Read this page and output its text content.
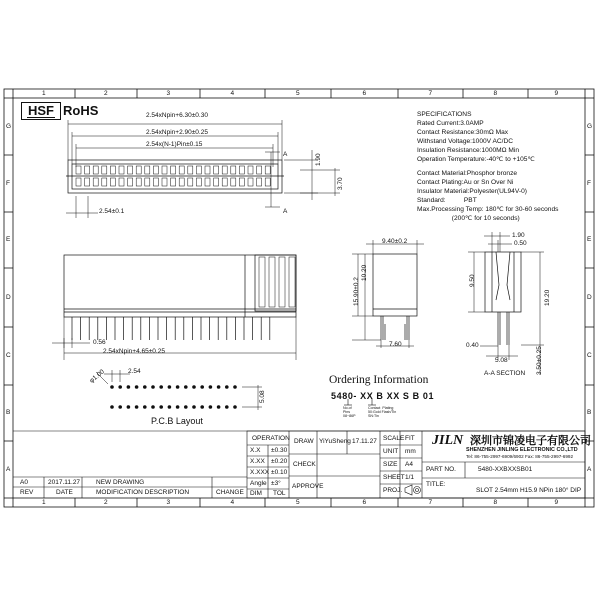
1
1
2
2
3
3
4
4
5
5
6
6
7
7
8
8
9
9
G	G
F	F
E	E
D	D
C	C
B	B
A	A
HSF RoHS	2.54xNpin+6.30±0.30
2.54xNpin+2.90±0.25
2.54x(N-1)Pin±0.15
1.90
3.70
2.54±0.1
A
A
2.54xNpin+4.65±0.25
0.56
9.40±0.2
10.20
15.90±0.2
7.60
1.90
0.50
9.50
19.20
0.40
5.08	3.50±0.25
A-A SECTION
φ1.00	2.54
5.08
P.C.B Layout
SPECIFICATIONS
Rated Current:3.0AMP
Contact Resistance:30mΩ Max
Withstand Voltage:1000V AC/DC
Insulation Resistance:1000MΩ Min
Operation Temperature:-40℃ to +105℃
Contact Material:Phosphor bronze
Contact Plating:Au or Sn Over Ni
Insulator Material:Polyester(UL94V-0)
Standard:          PBT
Max.Processing Temp: 180℃ for 30-60 seconds
(200℃ for 10 seconds)
Ordering Information
5480- XX B XX S B 01
No.of
Pins
08~86P
Contact  Plating
50:Gold Flash/Tin
SN:Tin
OPERATION
X.X ±0.30
X.XX ±0.20
X.XXX ±0.10
Angle ±3°
DIM TOL
DRAW YiYuSheng 17.11.27
CHECK
APPROVE
SCALE FIT
UNIT mm
SIZE A4
SHEET 1/1
PROJ.
JILN 深圳市锦凌电子有限公司
SHENZHEN JINLING ELECTRONIC CO.,LTD
Tel: 86-755-2997-6909/6902 Fax: 86-755-2997-6992
PART NO.	5480-XXBXXSB01
TITLE:
SLOT 2.54mm H15.9 NPin 180° DIP
A0	2017.11.27 NEW DRAWING
REV	DATE	MODIFICATION DESCRIPTION	CHANGE
